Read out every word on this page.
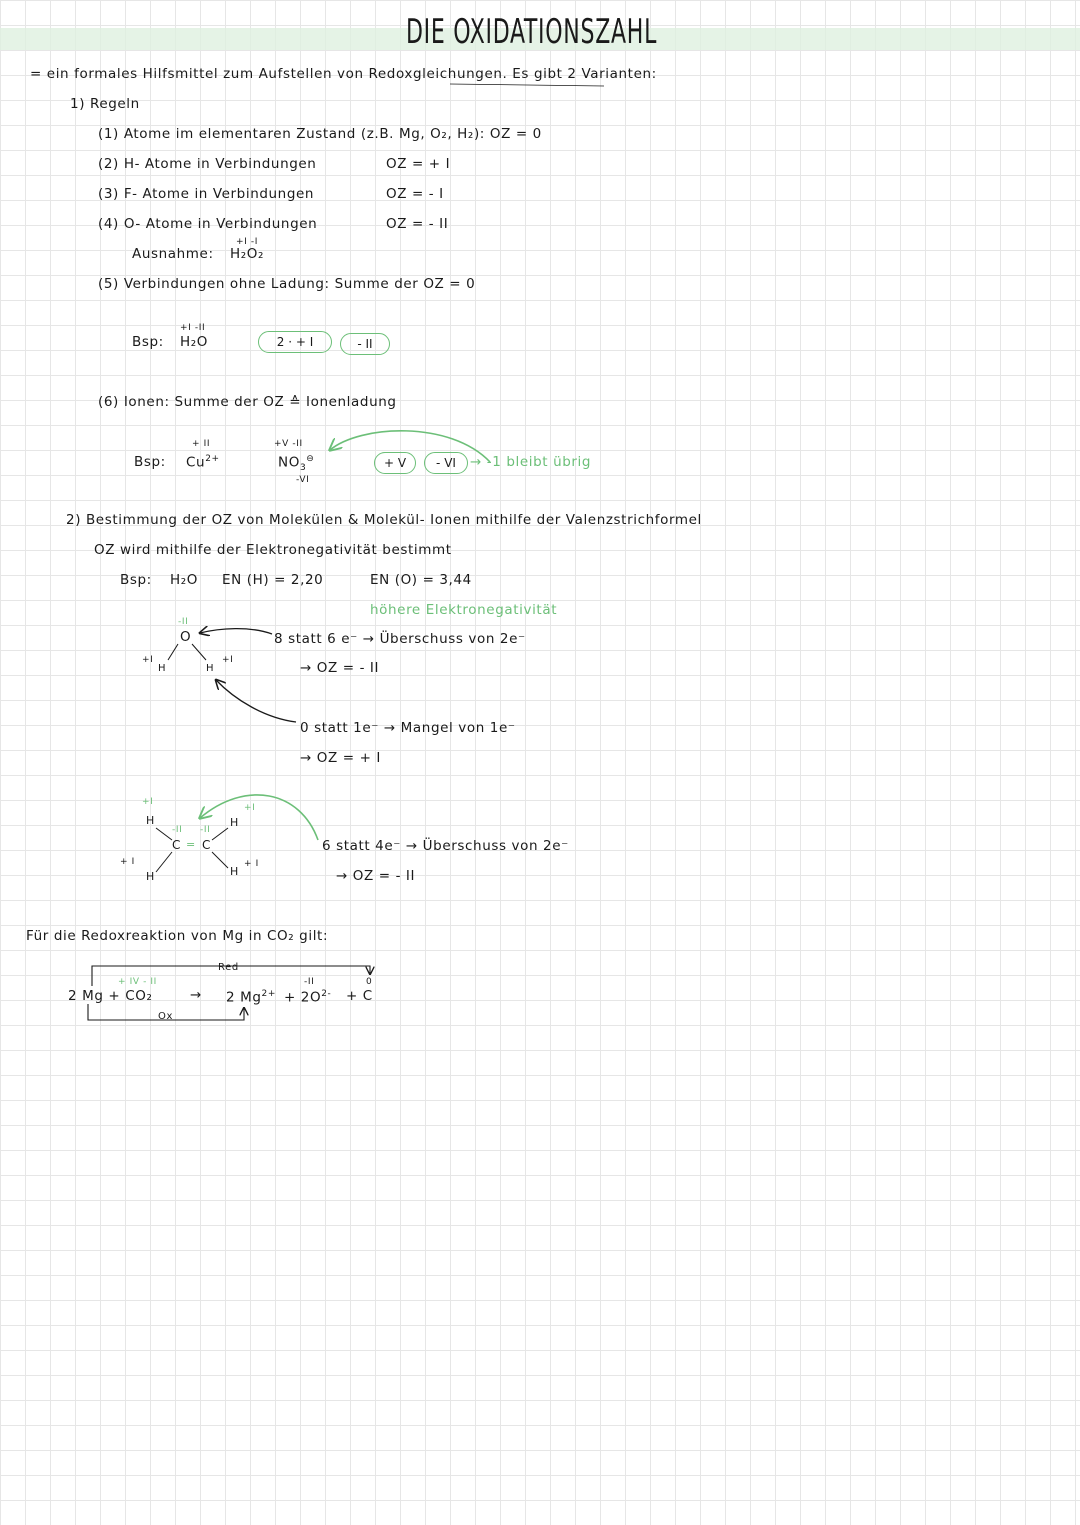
DIE OXIDATIONSZAHL
= ein formales Hilfsmittel zum Aufstellen von Redoxgleichungen. Es gibt 2 Varianten:
1) Regeln
(1) Atome im elementaren Zustand (z.B. Mg, O₂, H₂): OZ = 0
(2) H- Atome in Verbindungen	OZ = + I
(3) F- Atome in Verbindungen	OZ = - I
(4) O- Atome in Verbindungen	OZ = - II
Ausnahme:
+I -I
H₂O₂
(5) Verbindungen ohne Ladung: Summe der OZ = 0
Bsp:
+I -II
H₂O	2 · + I	- II
(6) Ionen: Summe der OZ ≙ Ionenladung
Bsp:
+ II
$Cu^{2+}$
+V -II
$NO_3^⊖$
-VI
+ V	- VI	→ -1 bleibt übrig
2) Bestimmung der OZ von Molekülen & Molekül- Ionen mithilfe der Valenzstrichformel
OZ wird mithilfe der Elektronegativität bestimmt
Bsp: H₂O EN (H) = 2,20	EN (O) = 3,44
höhere Elektronegativität
-II
O
+I
H
+I
H
8 statt 6 e⁻ → Überschuss von 2e⁻
→ OZ = - II
0 statt 1e⁻ → Mangel von 1e⁻
→ OZ = + I
+I
H
-II -II
C = C
+I
H
+ I
H	H
+ I
6 statt 4e⁻ → Überschuss von 2e⁻
→ OZ = - II
Für die Redoxreaktion von Mg in CO₂ gilt:
Red
+ IV - II
2 Mg + CO₂	→ 2 $Mg^{2+}$
-II
+ $2O^{2-}$
0
+ C
Ox
